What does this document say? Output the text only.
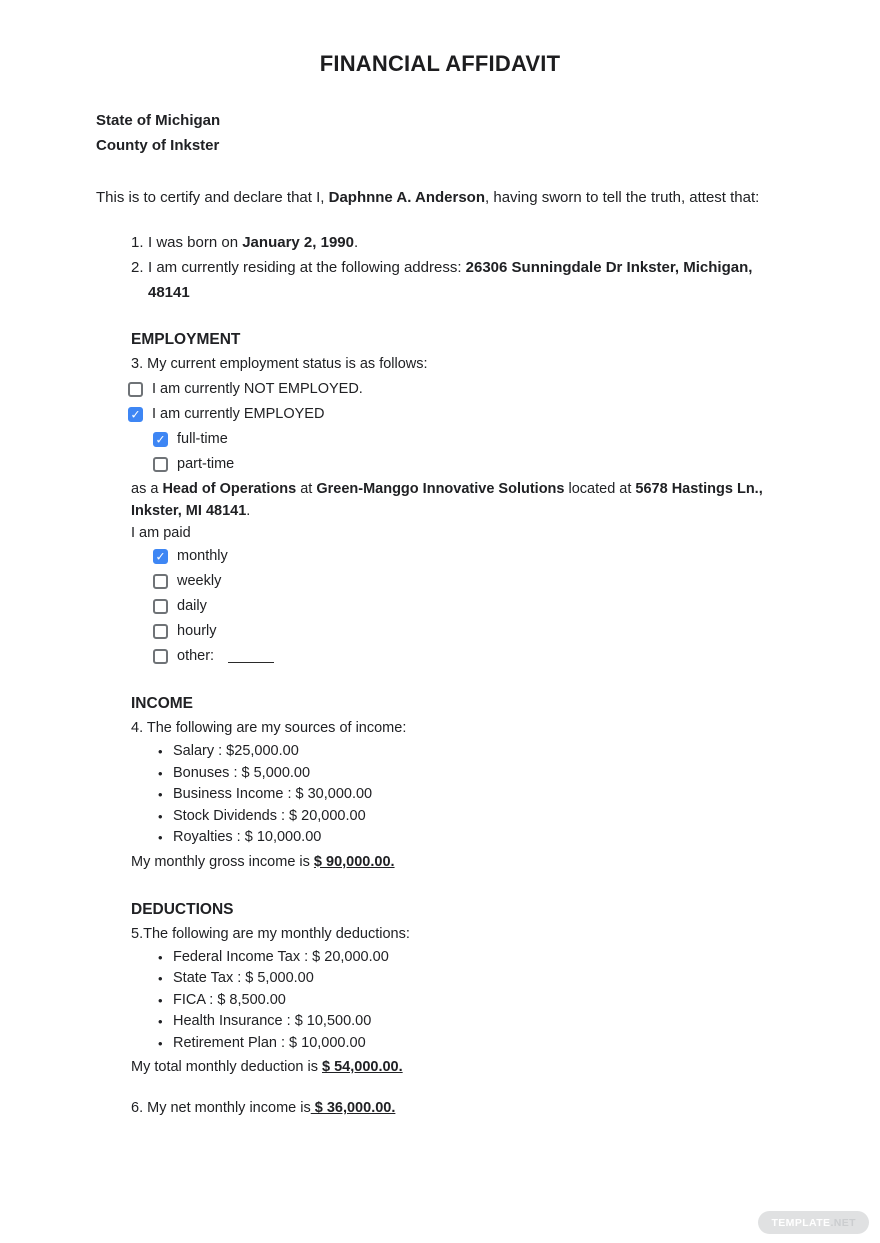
FINANCIAL AFFIDAVIT

State of Michigan

County of Inkster

This is to certify and declare that I, Daphnne A. Anderson, having sworn to tell the truth, attest that:

1. I was born on January 2, 1990.
2. I am currently residing at the following address: 26306 Sunningdale Dr Inkster, Michigan, 48141
EMPLOYMENT

3. My current employment status is as follows:

I am currently NOT EMPLOYED.
✓
I am currently EMPLOYED
✓
full-time
part-time

as a Head of Operations at Green-Manggo Innovative Solutions located at 5678 Hastings Ln., Inkster, MI 48141.

I am paid

✓
monthly
weekly
daily
hourly
other:
INCOME

4. The following are my sources of income:

• Salary : $25,000.00
• Bonuses : $ 5,000.00
• Business Income : $ 30,000.00
• Stock Dividends : $ 20,000.00
• Royalties : $ 10,000.00

My monthly gross income is $ 90,000.00.

DEDUCTIONS

5.The following are my monthly deductions:

• Federal Income Tax : $ 20,000.00
• State Tax : $ 5,000.00
• FICA : $ 8,500.00
• Health Insurance : $ 10,500.00
• Retirement Plan : $ 10,000.00

My total monthly deduction is $ 54,000.00.

6. My net monthly income is $ 36,000.00.

TEMPLATE .NET
